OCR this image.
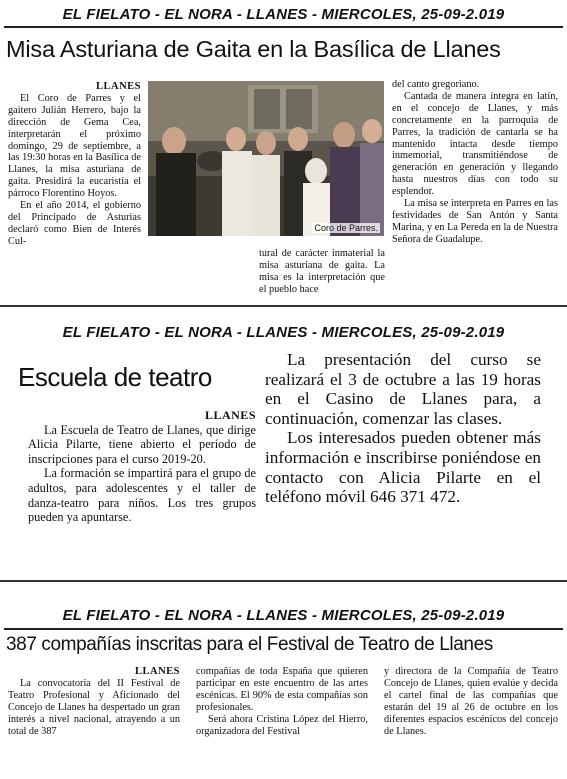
EL FIELATO - EL NORA - LLANES - MIERCOLES, 25-09-2.019
Misa Asturiana de Gaita en la Basílica de Llanes
LLANES

El Coro de Parres y el gaitero Julián Herrero, bajo la dirección de Gema Cea, interpretarán el próximo domingo, 29 de septiembre, a las 19:30 horas en la Basílica de Llanes, la misa asturiana de gaita. Presidirá la eucaristía el párroco Florentino Hoyos.

En el año 2014, el gobierno del Principado de Asturias declaró como Bien de Interés Cul-

Coro de Parres.

tural de carácter inmaterial la misa asturiana de gaita. La misa es la interpretación que el pueblo hace

del canto gregoriano.

Cantada de manera íntegra en latín, en el concejo de Llanes, y más concretamente en la parroquia de Parres, la tradición de cantarla se ha mantenido intacta desde tiempo inmemorial, transmitiéndose de generación en generación y llegando hasta nuestros días con todo su esplendor.

La misa se interpreta en Parres en las festividades de San Antón y Santa Marina, y en La Pereda en la de Nuestra Señora de Guadalupe.

EL FIELATO - EL NORA - LLANES - MIERCOLES, 25-09-2.019
Escuela de teatro
LLANES

La Escuela de Teatro de Llanes, que dirige Alicia Pilarte, tiene abierto el período de inscripciones para el curso 2019-20.

La formación se impartirá para el grupo de adultos, para adolescentes y el taller de danza-teatro para niños. Los tres grupos pueden ya apuntarse.

La presentación del curso se realizará el 3 de octubre a las 19 horas en el Casino de Llanes para, a continuación, comenzar las clases.

Los interesados pueden obtener más información e inscribirse poniéndose en contacto con Alicia Pilarte en el teléfono móvil 646 371 472.

EL FIELATO - EL NORA - LLANES - MIERCOLES, 25-09-2.019
387 compañías inscritas para el Festival de Teatro de Llanes
LLANES

La convocatoria del II Festival de Teatro Profesional y Aficionado del Concejo de Llanes ha despertado un gran interés a nivel nacional, atrayendo a un total de 387

compañías de toda España que quieren participar en este encuentro de las artes escénicas. El 90% de esta compañías son profesionales.

Será ahora Cristina López del Hierro, organizadora del Festival

y directora de la Compañía de Teatro Concejo de Llanes, quien evalúe y decida el cartel final de las compañías que estarán del 19 al 26 de octubre en los diferentes espacios escénicos del concejo de Llanes.
